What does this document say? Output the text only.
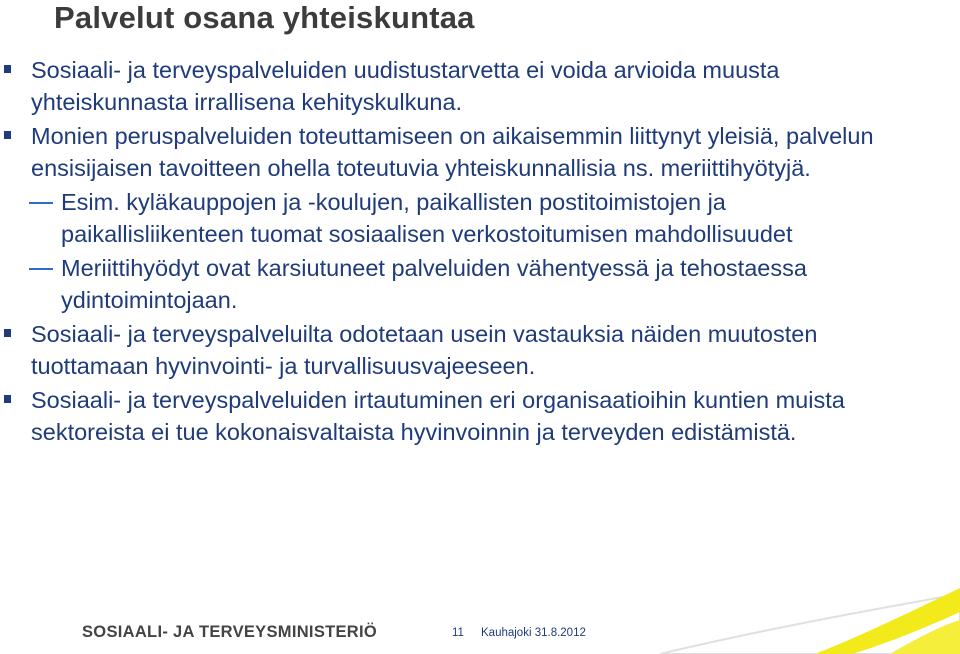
Palvelut osana yhteiskuntaa

Sosiaali- ja terveyspalveluiden uudistustarvetta ei voida arvioida muusta yhteiskunnasta irrallisena kehityskulkuna.

Monien peruspalveluiden toteuttamiseen on aikaisemmin liittynyt yleisiä, palvelun ensisijaisen tavoitteen ohella toteutuvia yhteiskunnallisia ns. meriittihyötyjä.

Esim. kyläkauppojen ja -koulujen, paikallisten postitoimistojen ja paikallisliikenteen tuomat sosiaalisen verkostoitumisen mahdollisuudet

Meriittihyödyt ovat karsiutuneet palveluiden vähentyessä ja tehostaessa ydintoimintojaan.

Sosiaali- ja terveyspalveluilta odotetaan usein vastauksia näiden muutosten tuottamaan hyvinvointi- ja turvallisuusvajeeseen.

Sosiaali- ja terveyspalveluiden irtautuminen eri organisaatioihin kuntien muista sektoreista ei tue kokonaisvaltaista hyvinvoinnin ja terveyden edistämistä.

SOSIAALI- JA TERVEYSMINISTERIÖ	11 Kauhajoki 31.8.2012
